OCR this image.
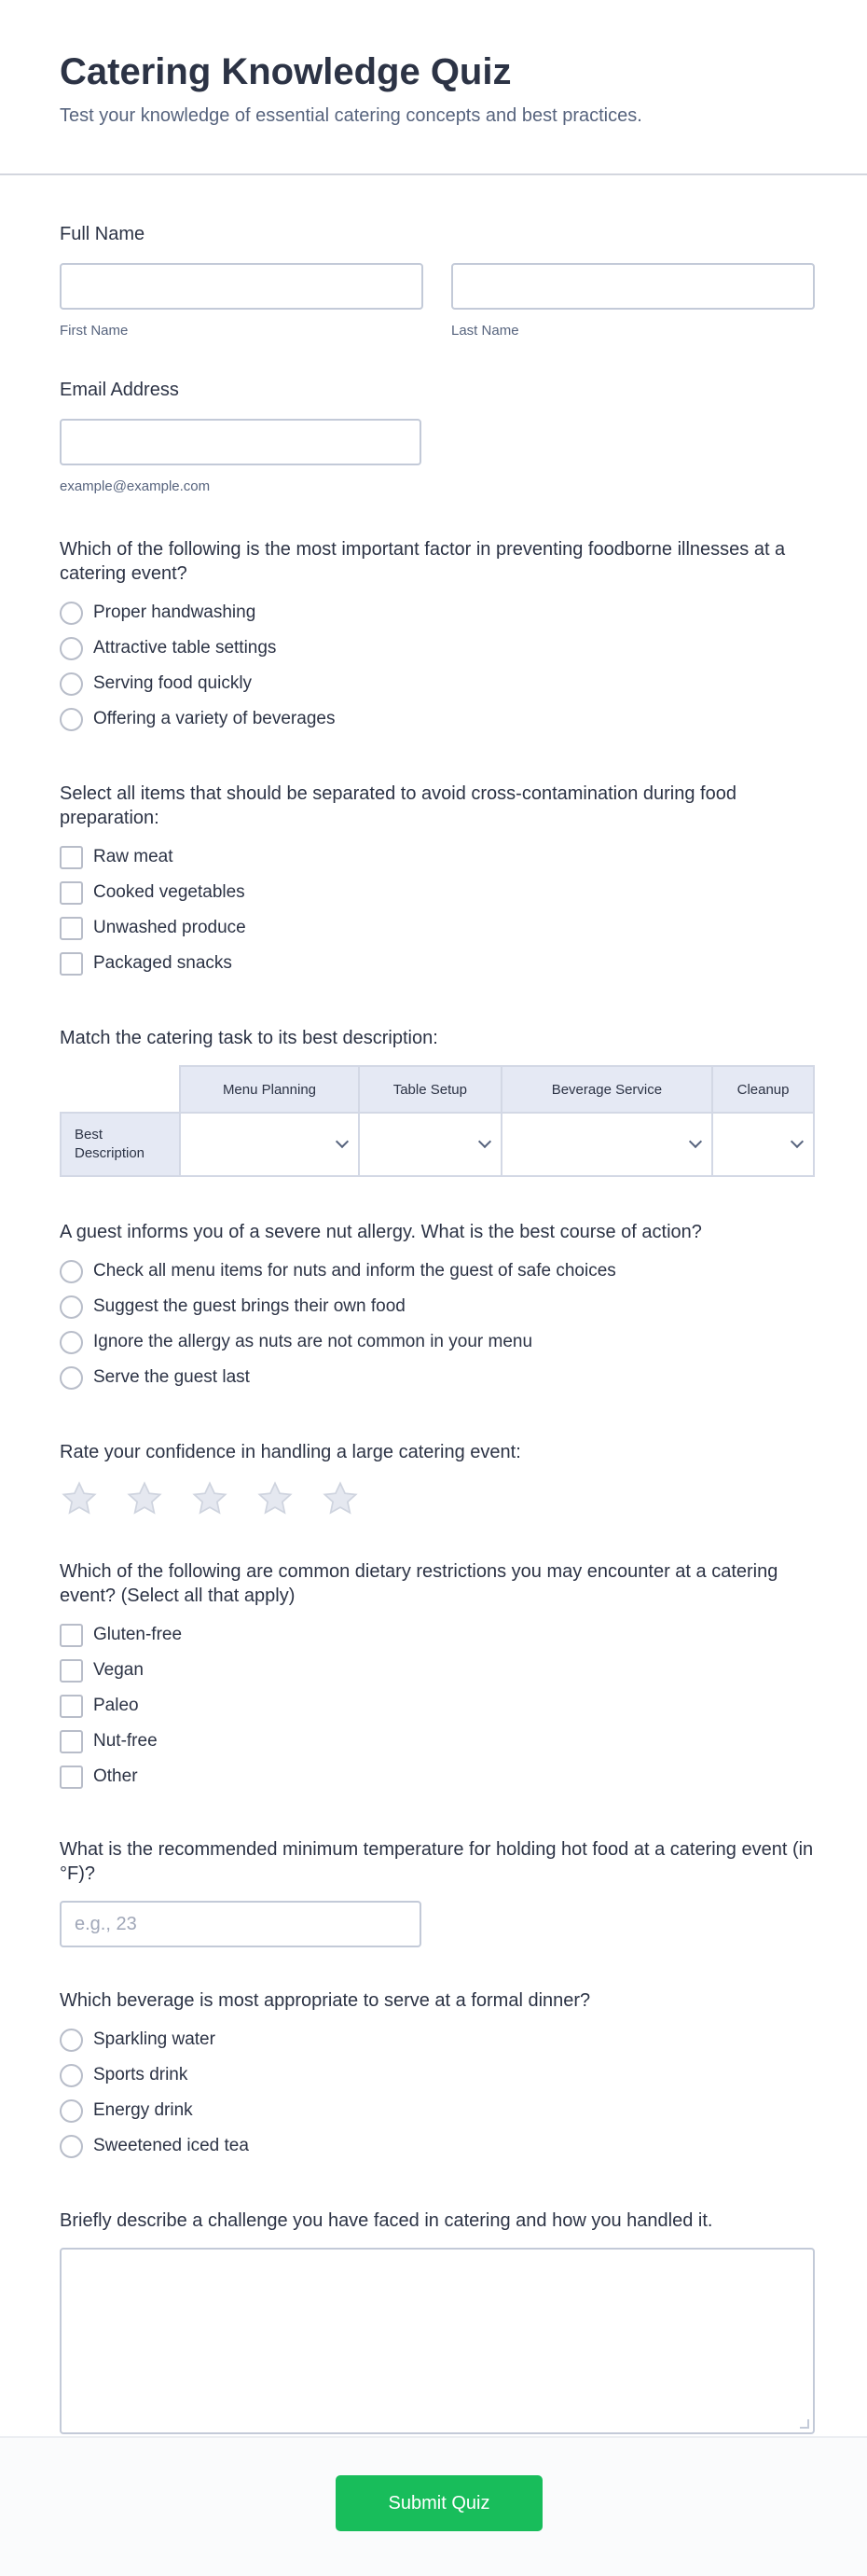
Catering Knowledge Quiz
Test your knowledge of essential catering concepts and best practices.
Full Name
First Name	Last Name
Email Address
example@example.com
Which of the following is the most important factor in preventing foodborne illnesses at a catering event?
Proper handwashing
Attractive table settings
Serving food quickly
Offering a variety of beverages
Select all items that should be separated to avoid cross-contamination during food preparation:
Raw meat
Cooked vegetables
Unwashed produce
Packaged snacks
Match the catering task to its best description:
	Menu Planning	Table Setup	Beverage Service	Cleanup
Best Description	

A guest informs you of a severe nut allergy. What is the best course of action?
Check all menu items for nuts and inform the guest of safe choices
Suggest the guest brings their own food
Ignore the allergy as nuts are not common in your menu
Serve the guest last
Rate your confidence in handling a large catering event:
Which of the following are common dietary restrictions you may encounter at a catering event? (Select all that apply)
Gluten-free
Vegan
Paleo
Nut-free
Other
What is the recommended minimum temperature for holding hot food at a catering event (in °F)?
e.g., 23
Which beverage is most appropriate to serve at a formal dinner?
Sparkling water
Sports drink
Energy drink
Sweetened iced tea
Briefly describe a challenge you have faced in catering and how you handled it.
Submit Quiz
